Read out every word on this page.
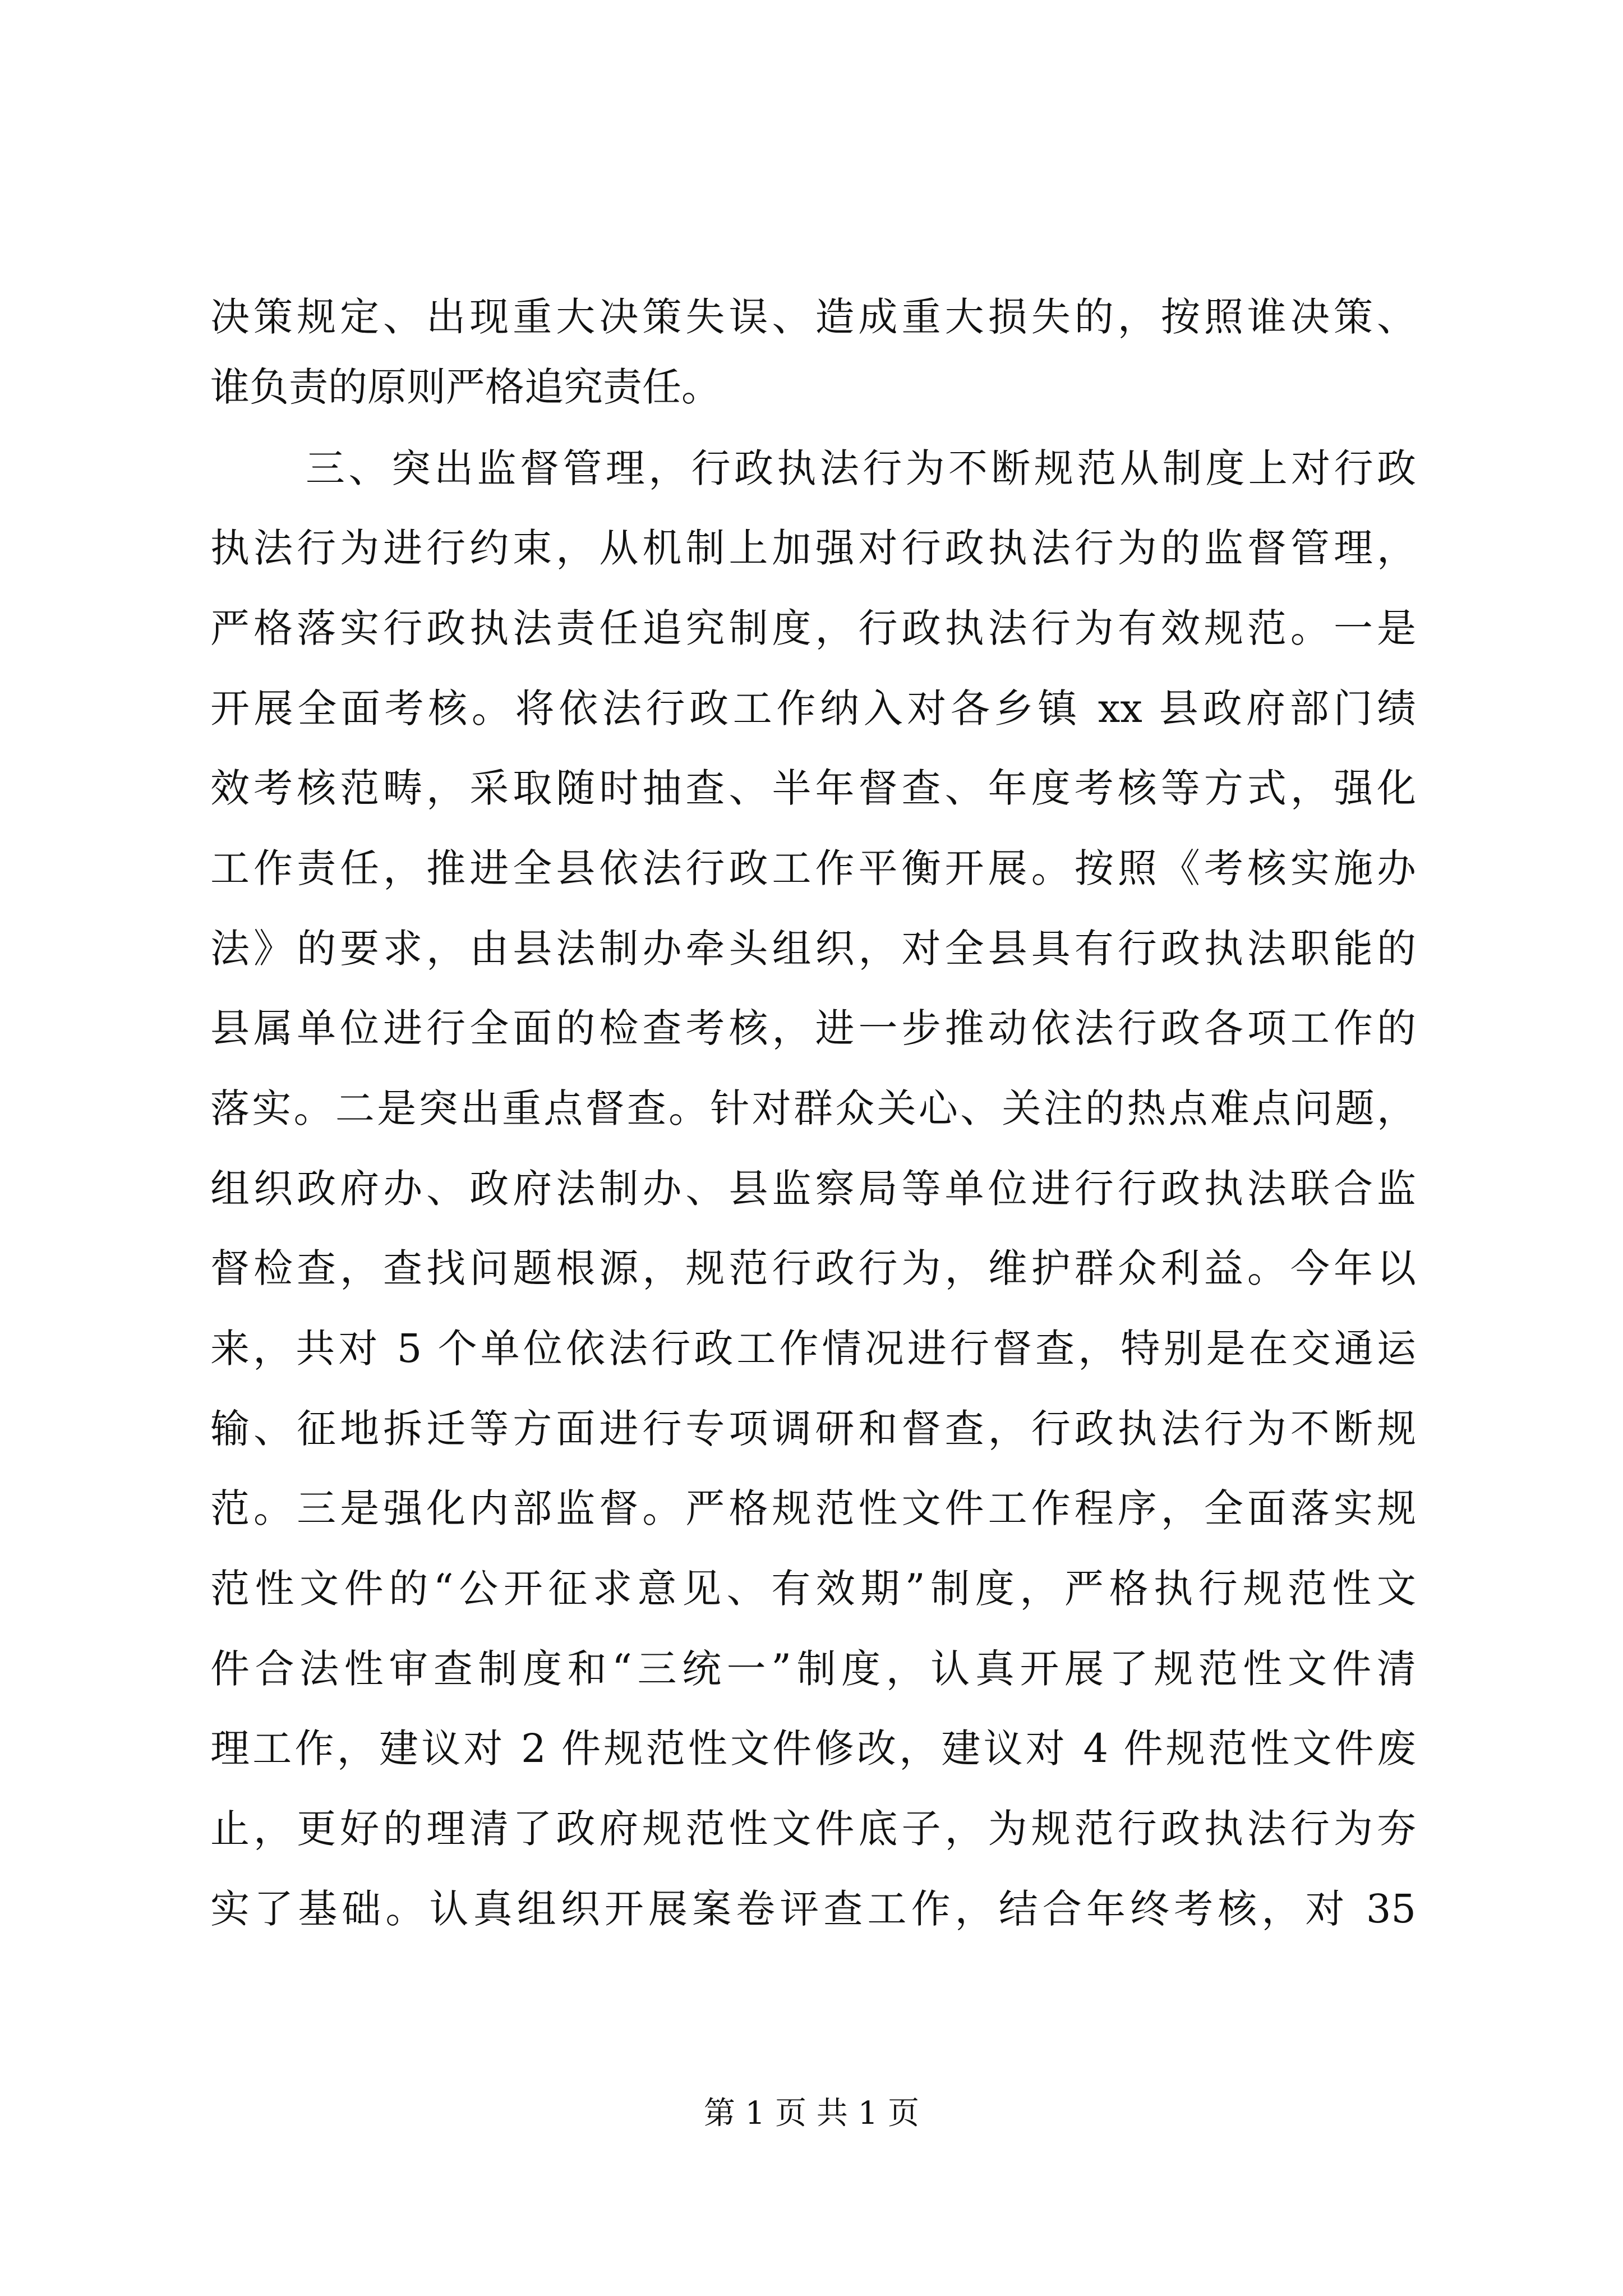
决策规定、出现重大决策失误、造成重大损失的，按照谁决策、
谁负责的原则严格追究责任。
三、突出监督管理，行政执法行为不断规范从制度上对行政
执法行为进行约束，从机制上加强对行政执法行为的监督管理，
严格落实行政执法责任追究制度，行政执法行为有效规范。一是
开展全面考核。将依法行政工作纳入对各乡镇 xx 县政府部门绩
效考核范畴，采取随时抽查、半年督查、年度考核等方式，强化
工作责任，推进全县依法行政工作平衡开展。按照《考核实施办
法》的要求，由县法制办牵头组织，对全县具有行政执法职能的
县属单位进行全面的检查考核，进一步推动依法行政各项工作的
落实。二是突出重点督查。针对群众关心、关注的热点难点问题，
组织政府办、政府法制办、县监察局等单位进行行政执法联合监
督检查，查找问题根源，规范行政行为，维护群众利益。今年以
来，共对 5 个单位依法行政工作情况进行督查，特别是在交通运
输、征地拆迁等方面进行专项调研和督查，行政执法行为不断规
范。三是强化内部监督。严格规范性文件工作程序，全面落实规
范性文件的“公开征求意见、有效期”制度，严格执行规范性文
件合法性审查制度和“三统一”制度，认真开展了规范性文件清
理工作，建议对 2 件规范性文件修改，建议对 4 件规范性文件废
止，更好的理清了政府规范性文件底子，为规范行政执法行为夯
实了基础。认真组织开展案卷评查工作，结合年终考核，对 35
第 1 页 共 1 页
